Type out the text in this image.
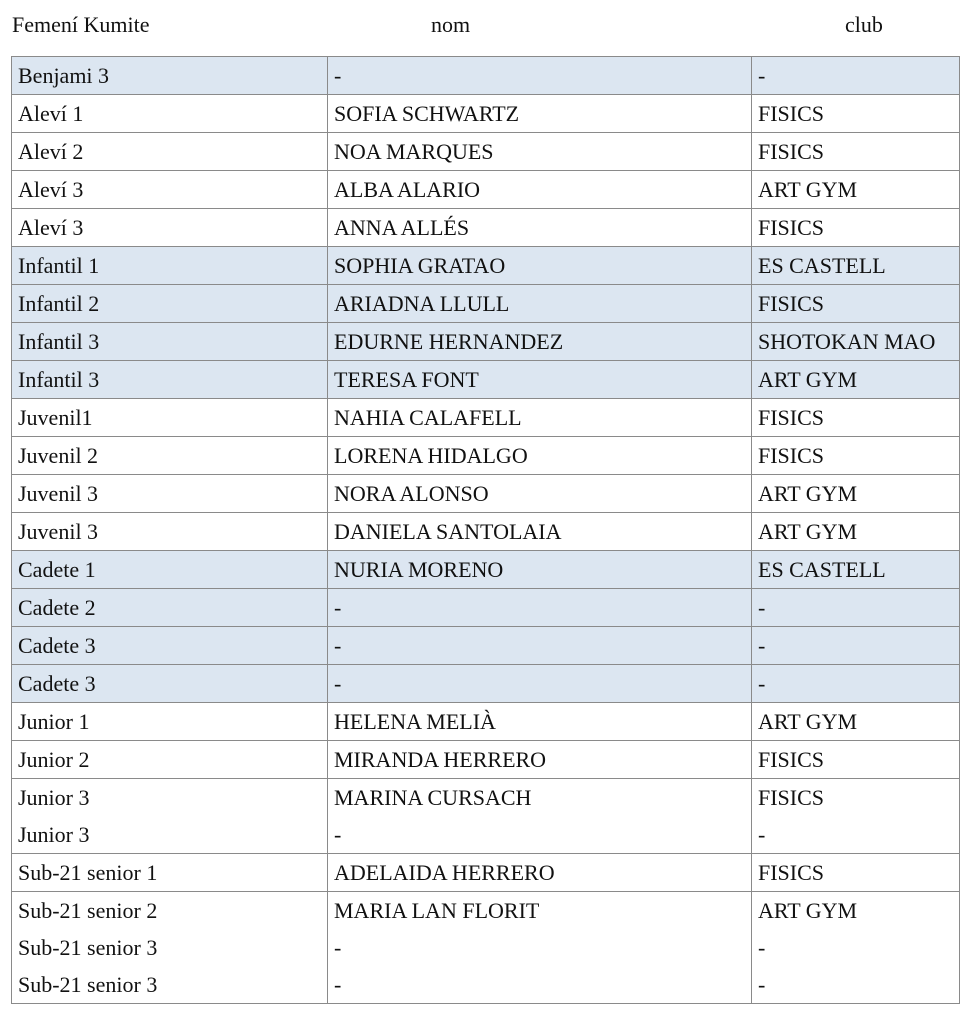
Femení Kumite	nom	club
Benjami 3	-	-
Aleví 1	SOFIA SCHWARTZ	FISICS
Aleví 2	NOA MARQUES	FISICS
Aleví 3	ALBA ALARIO	ART GYM
Aleví 3	ANNA ALLÉS	FISICS
Infantil 1	SOPHIA GRATAO	ES CASTELL
Infantil 2	ARIADNA LLULL	FISICS
Infantil 3	EDURNE HERNANDEZ	SHOTOKAN MAO
Infantil 3	TERESA FONT	ART GYM
Juvenil1	NAHIA CALAFELL	FISICS
Juvenil 2	LORENA HIDALGO	FISICS
Juvenil 3	NORA ALONSO	ART GYM
Juvenil 3	DANIELA SANTOLAIA	ART GYM
Cadete 1	NURIA MORENO	ES CASTELL
Cadete 2	-	-
Cadete 3	-	-
Cadete 3	-	-
Junior 1	HELENA MELIÀ	ART GYM
Junior 2	MIRANDA HERRERO	FISICS
Junior 3	MARINA CURSACH	FISICS
Junior 3	-	-
Sub-21 senior 1	ADELAIDA HERRERO	FISICS
Sub-21 senior 2	MARIA LAN FLORIT	ART GYM
Sub-21 senior 3	-	-
Sub-21 senior 3	-	-
